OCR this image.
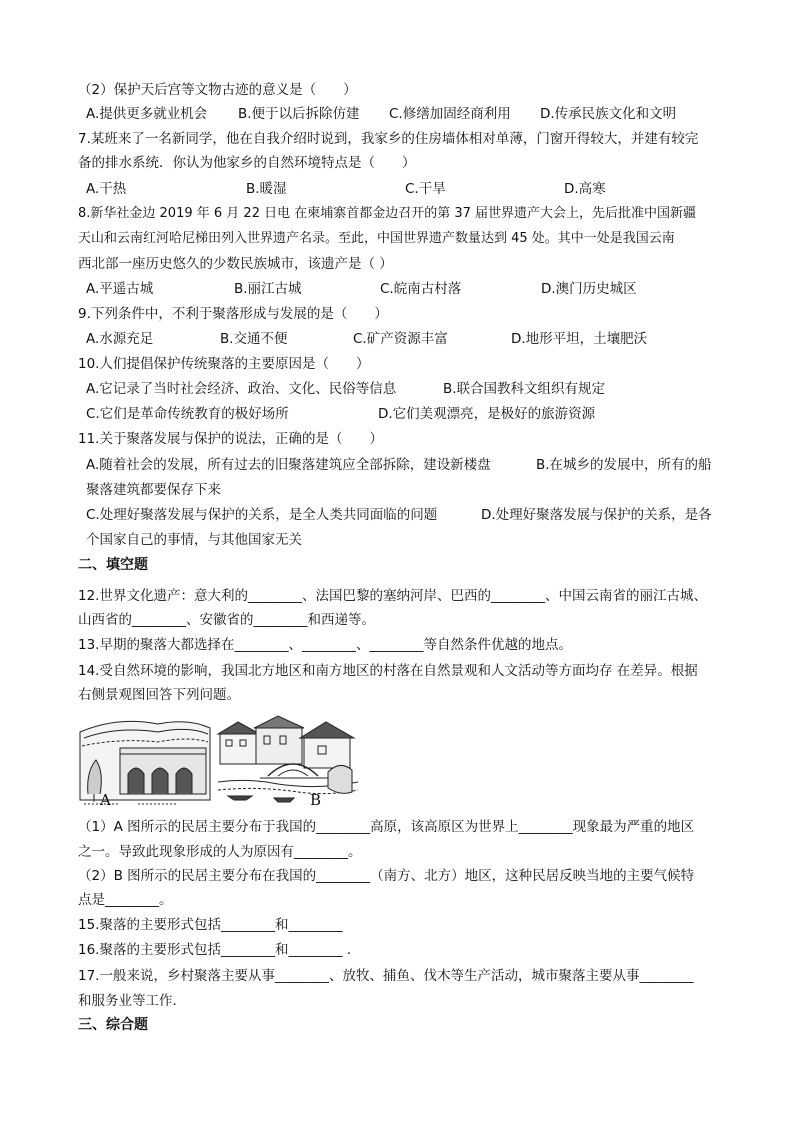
（2）保护天后宫等文物古迹的意义是（　　）
A.提供更多就业机会 B.便于以后拆除仿建 C.修缮加固经商利用 D.传承民族文化和文明
7.某班来了一名新同学，他在自我介绍时说到，我家乡的住房墙体相对单薄，门窗开得较大，并建有较完
备的排水系统．你认为他家乡的自然环境特点是（　　）
A.干热	B.暖湿	C.干旱	D.高寒
8.新华社金边 2019 年 6 月 22 日电 在柬埔寨首都金边召开的第 37 届世界遗产大会上，先后批准中国新疆
天山和云南红河哈尼梯田列入世界遗产名录。至此，中国世界遗产数量达到 45 处。其中一处是我国云南
西北部一座历史悠久的少数民族城市，该遗产是（ ）
A.平遥古城	B.丽江古城	C.皖南古村落	D.澳门历史城区
9.下列条件中，不利于聚落形成与发展的是（　　）
A.水源充足	B.交通不便	C.矿产资源丰富	D.地形平坦，土壤肥沃
10.人们提倡保护传统聚落的主要原因是（　　）
A.它记录了当时社会经济、政治、文化、民俗等信息	B.联合国教科文组织有规定
C.它们是革命传统教育的极好场所	D.它们美观漂亮，是极好的旅游资源
11.关于聚落发展与保护的说法，正确的是（　　）
A.随着社会的发展，所有过去的旧聚落建筑应全部拆除，建设新楼盘	B.在城乡的发展中，所有的船
聚落建筑都要保存下来
C.处理好聚落发展与保护的关系，是全人类共同面临的问题	D.处理好聚落发展与保护的关系，是各
个国家自己的事情，与其他国家无关
二、填空题
12.世界文化遗产：意大利的________、法国巴黎的塞纳河岸、巴西的________、中国云南省的丽江古城、
山西省的________、安徽省的________和西递等。
13.早期的聚落大都选择在________、________、________等自然条件优越的地点。
14.受自然环境的影响，我国北方地区和南方地区的村落在自然景观和人文活动等方面均存 在差异。根据
右侧景观图回答下列问题。
A	B
（1）A 图所示的民居主要分布于我国的________高原，该高原区为世界上________现象最为严重的地区
之一。导致此现象形成的人为原因有________。
（2）B 图所示的民居主要分布在我国的________（南方、北方）地区，这种民居反映当地的主要气候特
点是________。
15.聚落的主要形式包括________和________
16.聚落的主要形式包括________和________ .
17.一般来说，乡村聚落主要从事________、放牧、捕鱼、伐木等生产活动，城市聚落主要从事________
和服务业等工作．
三、综合题
